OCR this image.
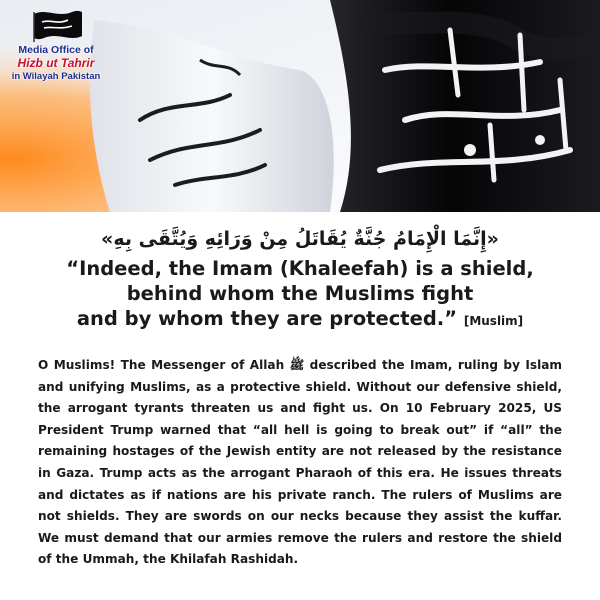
Media Office of
Hizb ut Tahrir
in Wilayah Pakistan
«إِنَّمَا الْإِمَامُ جُنَّةٌ يُقَاتَلُ مِنْ وَرَائِهِ وَيُتَّقَى بِهِ»
“Indeed, the Imam (Khaleefah) is a shield,
behind whom the Muslims fight
and by whom they are protected.” [Muslim]
O Muslims! The Messenger of Allah ﷺ described the Imam, ruling by Islam and unifying Muslims, as a protective shield. Without our defensive shield, the arrogant tyrants threaten us and fight us. On 10 February 2025, US President Trump warned that “all hell is going to break out” if “all” the remaining hostages of the Jewish entity are not released by the resistance in Gaza. Trump acts as the arrogant Pharaoh of this era. He issues threats and dictates as if nations are his private ranch. The rulers of Muslims are not shields. They are swords on our necks because they assist the kuffar. We must demand that our armies remove the rulers and restore the shield of the Ummah, the Khilafah Rashidah.
